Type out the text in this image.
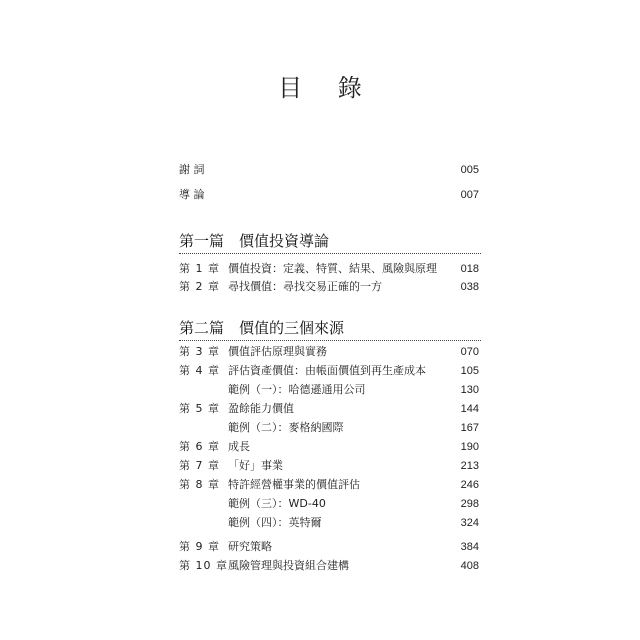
目 錄
謝 詞	005
導 論	007
第一篇　價值投資導論
第 1 章 價值投資：定義、特質、結果、風險與原理 018
第 2 章 尋找價值：尋找交易正確的一方	038
第二篇　價值的三個來源
第 3 章 價值評估原理與實務	070
第 4 章 評估資產價值：由帳面價值到再生產成本	105
範例（一）：哈德遜通用公司	130
第 5 章 盈餘能力價值	144
範例（二）：麥格納國際	167
第 6 章 成長	190
第 7 章 「好」事業	213
第 8 章 特許經營權事業的價值評估	246
範例（三）：WD-40	298
範例（四）：英特爾	324
第 9 章 研究策略	384
第 10 章 風險管理與投資組合建構	408
